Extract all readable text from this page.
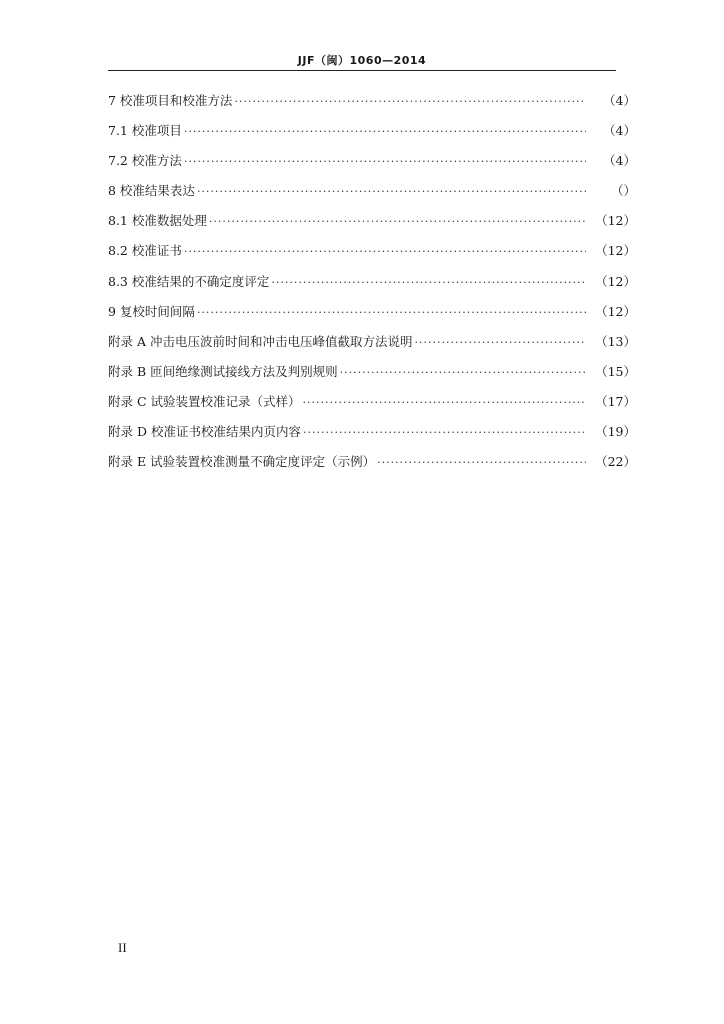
JJF（闽）1060—2014
7 校准项目和校准方法 ·····	（4）
7.1 校准项目 ·····	（4）
7.2 校准方法 ·····	（4）
8 校准结果表达 ·····	（）
8.1 校准数据处理 ·····	（12）
8.2 校准证书 ·····	（12）
8.3 校准结果的不确定度评定 ·····	（12）
9 复校时间间隔 ·····	（12）
附录 A 冲击电压波前时间和冲击电压峰值截取方法说明 ·····	（13）
附录 B 匝间绝缘测试接线方法及判别规则 ·····	（15）
附录 C 试验装置校准记录（式样） ·····	（17）
附录 D 校准证书校准结果内页内容 ·····	（19）
附录 E 试验装置校准测量不确定度评定（示例） ·····	（22）
II
